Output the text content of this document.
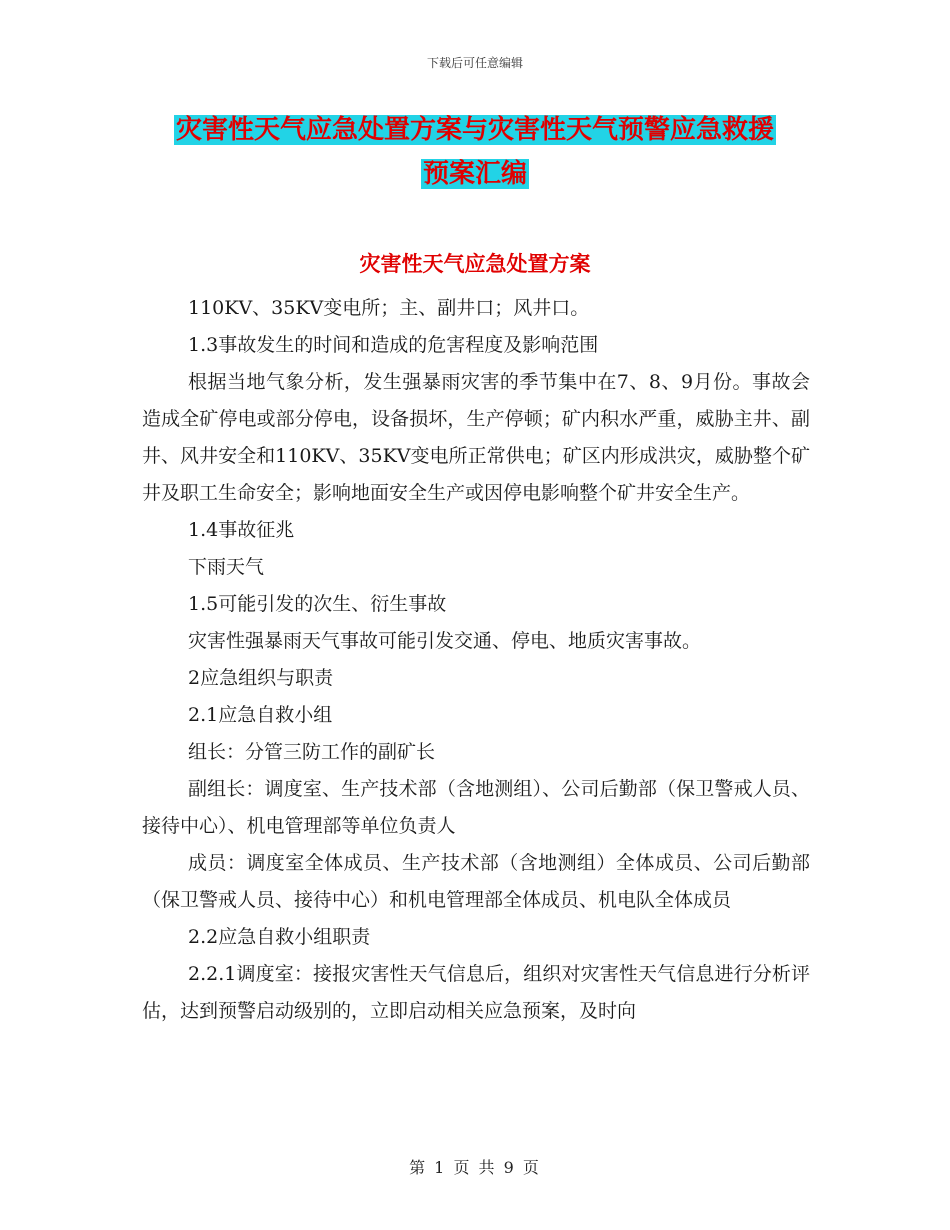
下载后可任意编辑
灾害性天气应急处置方案与灾害性天气预警应急救援
预案汇编
灾害性天气应急处置方案

110KV、35KV变电所；主、副井口；风井口。

1.3事故发生的时间和造成的危害程度及影响范围

根据当地气象分析，发生强暴雨灾害的季节集中在7、8、9月份。事故会造成全矿停电或部分停电，设备损坏，生产停顿；矿内积水严重，威胁主井、副井、风井安全和110KV、35KV变电所正常供电；矿区内形成洪灾，威胁整个矿井及职工生命安全；影响地面安全生产或因停电影响整个矿井安全生产。

1.4事故征兆

下雨天气

1.5可能引发的次生、衍生事故

灾害性强暴雨天气事故可能引发交通、停电、地质灾害事故。

2应急组织与职责

2.1应急自救小组

组长：分管三防工作的副矿长

副组长：调度室、生产技术部（含地测组）、公司后勤部（保卫警戒人员、接待中心）、机电管理部等单位负责人

成员：调度室全体成员、生产技术部（含地测组）全体成员、公司后勤部（保卫警戒人员、接待中心）和机电管理部全体成员、机电队全体成员

2.2应急自救小组职责

2.2.1调度室：接报灾害性天气信息后，组织对灾害性天气信息进行分析评估，达到预警启动级别的，立即启动相关应急预案，及时向

第 1 页 共 9 页
